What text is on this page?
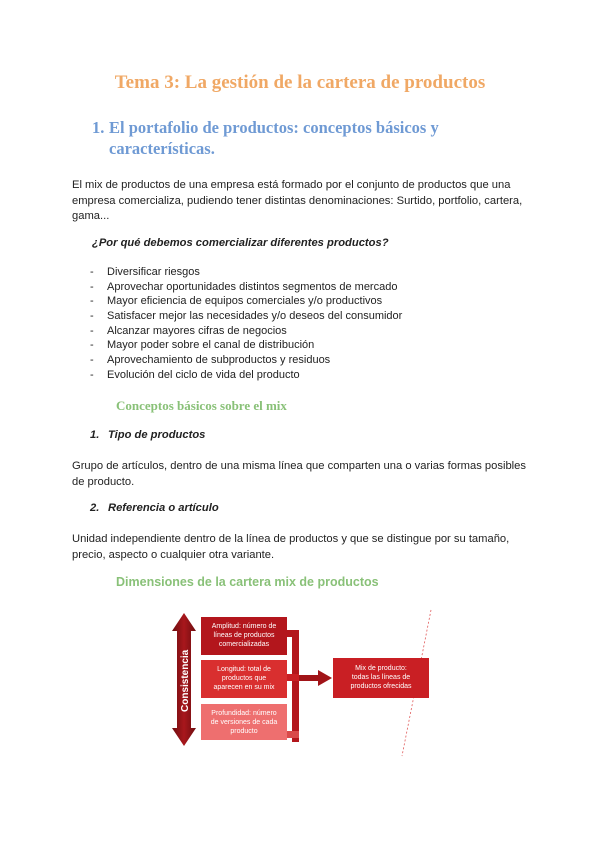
Tema 3: La gestión de la cartera de productos
1. El portafolio de productos: conceptos básicos y
características.
El mix de productos de una empresa está formado por el conjunto de productos que una
empresa comercializa, pudiendo tener distintas denominaciones: Surtido, portfolio, cartera,
gama...
¿Por qué debemos comercializar diferentes productos?
- Diversificar riesgos
- Aprovechar oportunidades distintos segmentos de mercado
- Mayor eficiencia de equipos comerciales y/o productivos
- Satisfacer mejor las necesidades y/o deseos del consumidor
- Alcanzar mayores cifras de negocios
- Mayor poder sobre el canal de distribución
- Aprovechamiento de subproductos y residuos
- Evolución del ciclo de vida del producto
Conceptos básicos sobre el mix
1. Tipo de productos
Grupo de artículos, dentro de una misma línea que comparten una o varias formas posibles
de producto.
2. Referencia o artículo
Unidad independiente dentro de la línea de productos y que se distingue por su tamaño,
precio, aspecto o cualquier otra variante.
Dimensiones de la cartera mix de productos
Consistencia
Amplitud: número de
líneas de productos
comercializadas
Longitud: total de
productos que
aparecen en su mix
Profundidad: número
de versiones de cada
producto
Mix de producto:
todas las líneas de
productos ofrecidas
